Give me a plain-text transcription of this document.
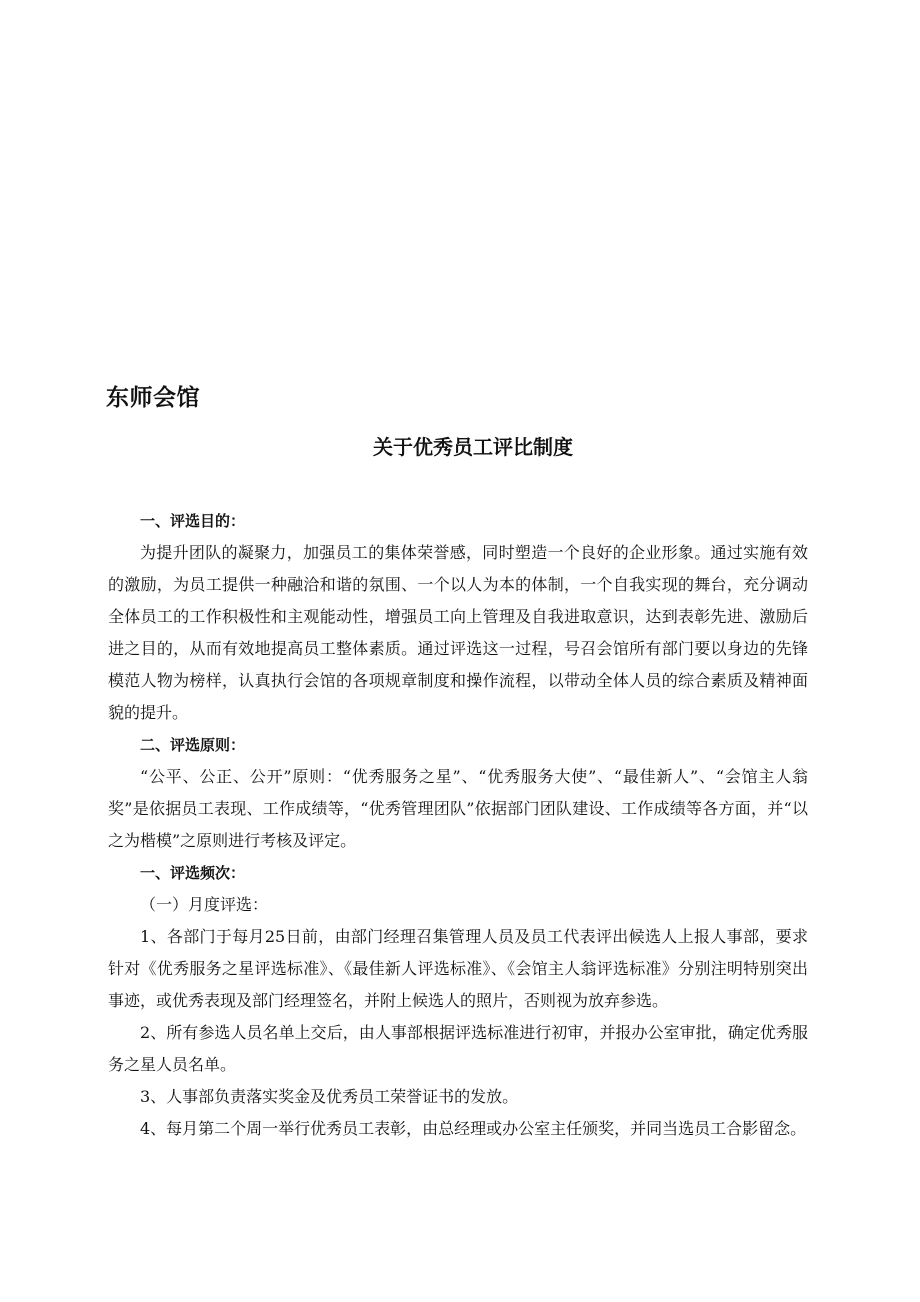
东师会馆
关于优秀员工评比制度
一、评选目的：

为提升团队的凝聚力，加强员工的集体荣誉感，同时塑造一个良好的企业形象。通过实施有效的激励，为员工提供一种融洽和谐的氛围、一个以人为本的体制，一个自我实现的舞台，充分调动全体员工的工作积极性和主观能动性，增强员工向上管理及自我进取意识，达到表彰先进、激励后进之目的，从而有效地提高员工整体素质。通过评选这一过程，号召会馆所有部门要以身边的先锋模范人物为榜样，认真执行会馆的各项规章制度和操作流程，以带动全体人员的综合素质及精神面貌的提升。

二、评选原则：

“公平、公正、公开”原则：“优秀服务之星”、“优秀服务大使”、“最佳新人”、“会馆主人翁奖”是依据员工表现、工作成绩等，“优秀管理团队”依据部门团队建设、工作成绩等各方面，并“以之为楷模”之原则进行考核及评定。

一、评选频次：

（一）月度评选：

1、各部门于每月25日前，由部门经理召集管理人员及员工代表评出候选人上报人事部，要求针对《优秀服务之星评选标准》、《最佳新人评选标准》、《会馆主人翁评选标准》分别注明特别突出事迹，或优秀表现及部门经理签名，并附上候选人的照片，否则视为放弃参选。

2、所有参选人员名单上交后，由人事部根据评选标准进行初审，并报办公室审批，确定优秀服务之星人员名单。

3、人事部负责落实奖金及优秀员工荣誉证书的发放。

4、每月第二个周一举行优秀员工表彰，由总经理或办公室主任颁奖，并同当选员工合影留念。
